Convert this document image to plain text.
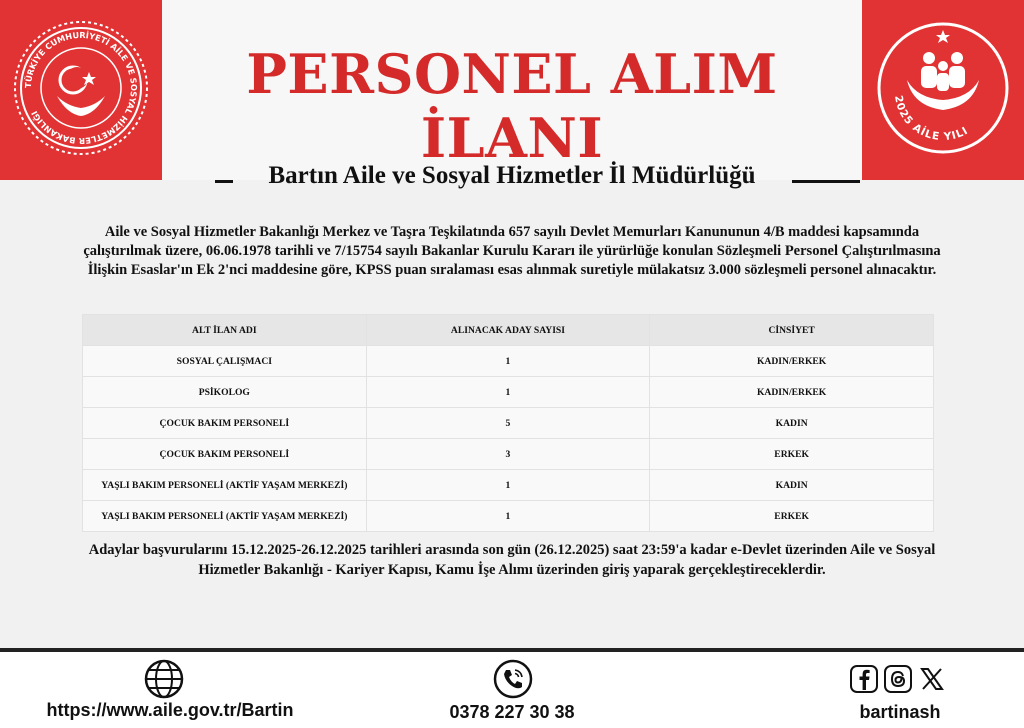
TÜRKİYE CUMHURİYETİ AİLE VE SOSYAL HİZMETLER BAKANLIĞI
2025 AİLE YILI
PERSONEL ALIM İLANI
Bartın Aile ve Sosyal Hizmetler İl Müdürlüğü
Aile ve Sosyal Hizmetler Bakanlığı Merkez ve Taşra Teşkilatında 657 sayılı Devlet Memurları Kanununun 4/B maddesi kapsamında çalıştırılmak üzere, 06.06.1978 tarihli ve 7/15754 sayılı Bakanlar Kurulu Kararı ile yürürlüğe konulan Sözleşmeli Personel Çalıştırılmasına İlişkin Esaslar'ın Ek 2'nci maddesine göre, KPSS puan sıralaması esas alınmak suretiyle mülakatsız 3.000 sözleşmeli personel alınacaktır.
ALT İLAN ADI	ALINACAK ADAY SAYISI	CİNSİYET
SOSYAL ÇALIŞMACI	1	KADIN/ERKEK
PSİKOLOG	1	KADIN/ERKEK
ÇOCUK BAKIM PERSONELİ	5	KADIN
ÇOCUK BAKIM PERSONELİ	3	ERKEK
YAŞLI BAKIM PERSONELİ (AKTİF YAŞAM MERKEZİ)	1	KADIN
YAŞLI BAKIM PERSONELİ (AKTİF YAŞAM MERKEZİ)	1	ERKEK
Adaylar başvurularını 15.12.2025-26.12.2025 tarihleri arasında son gün (26.12.2025) saat 23:59'a kadar e-Devlet üzerinden Aile ve Sosyal Hizmetler Bakanlığı - Kariyer Kapısı, Kamu İşe Alımı üzerinden giriş yaparak gerçekleştireceklerdir.
https://www.aile.gov.tr/Bartin	0378 227 30 38	bartinash
